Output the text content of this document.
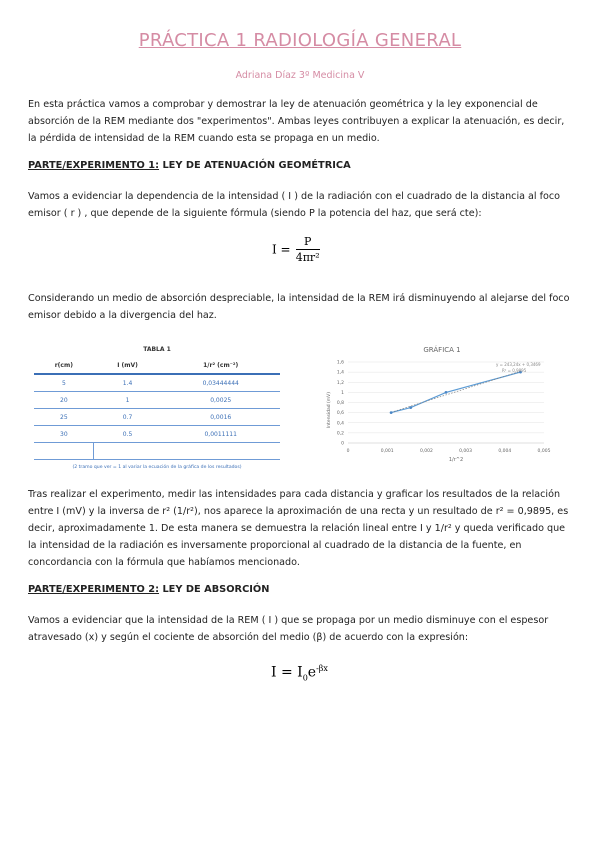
PRÁCTICA 1 RADIOLOGÍA GENERAL
Adriana Díaz 3º Medicina V

En esta práctica vamos a comprobar y demostrar la ley de atenuación geométrica y la ley exponencial de absorción de la REM mediante dos "experimentos". Ambas leyes contribuyen a explicar la atenuación, es decir, la pérdida de intensidad de la REM cuando esta se propaga en un medio.

PARTE/EXPERIMENTO 1: LEY DE ATENUACIÓN GEOMÉTRICA

Vamos a evidenciar la dependencia de la intensidad ( I ) de la radiación con el cuadrado de la distancia al foco emisor ( r ) , que depende de la siguiente fórmula (siendo P la potencia del haz, que será cte):

$I = \frac{P}{\text{4πr²}}$

Considerando un medio de absorción despreciable, la intensidad de la REM irá disminuyendo al alejarse del foco emisor debido a la divergencia del haz.

TABLA 1
r(cm)	I (mV)	1/r² (cm⁻²)
5	1.4	0,03444444
20	1	0,0025
25	0.7	0,0016
30	0.5	0,0011111

(2 tramo que ver = 1 al variar la ecuación de la gráfica de los resultados)
GRÁFICA 1
0
0,2
0,4
0,6
0,8
1
1,2
1,4
1,6
0	0,001	0,002	0,003	0,004	0,005
y = 243,24x + 0,3469
R² = 0,9895
1/r^2
Intensidad (mV)

Tras realizar el experimento, medir las intensidades para cada distancia y graficar los resultados de la relación entre I (mV) y la inversa de r² (1/r²), nos aparece la aproximación de una recta y un resultado de r² = 0,9895, es decir, aproximadamente 1. De esta manera se demuestra la relación lineal entre I y 1/r² y queda verificado que la intensidad de la radiación es inversamente proporcional al cuadrado de la distancia de la fuente, en concordancia con la fórmula que habíamos mencionado.

PARTE/EXPERIMENTO 2: LEY DE ABSORCIÓN

Vamos a evidenciar que la intensidad de la REM ( I ) que se propaga por un medio disminuye con el espesor atravesado (x) y según el cociente de absorción del medio (β) de acuerdo con la expresión:

$I = I_0e^{-\beta x}$
